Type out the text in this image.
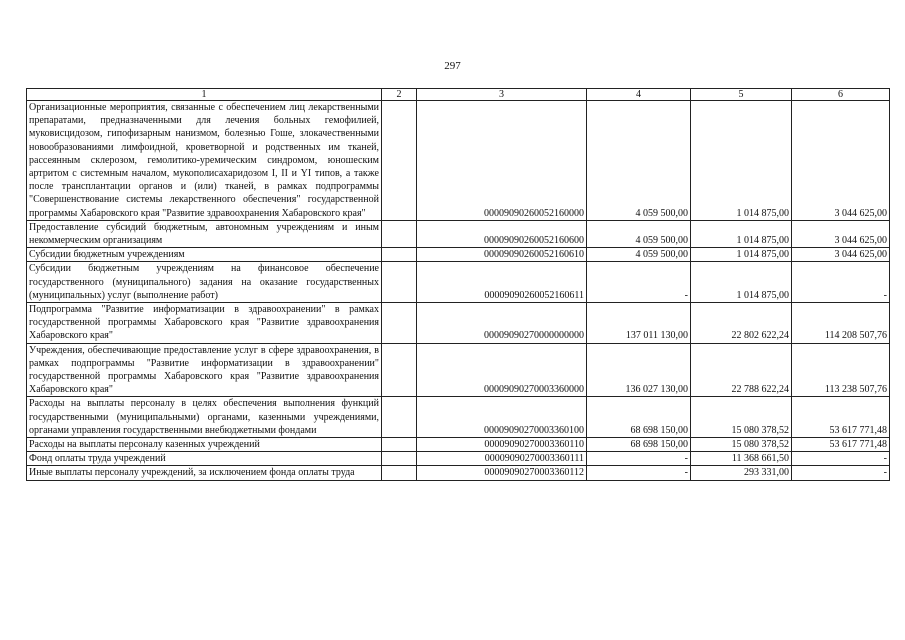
297
1	2	3	4	5	6
Организационные мероприятия, связанные с обеспечением лиц лекарственными препаратами, предназначенными для лечения больных гемофилией, муковисцидозом, гипофизарным нанизмом, болезнью Гоше, злокачественными новообразованиями лимфоидной, кроветворной и родственных им тканей, рассеянным склерозом, гемолитико-уремическим синдромом, юношеским артритом с системным началом, мукополисахаридозом I, II и YI типов, а также после трансплантации органов и (или) тканей, в рамках подпрограммы "Совершенствование системы лекарственного обеспечения" государственной программы Хабаровского края "Развитие здравоохранения Хабаровского края"		00009090260052160000	4 059 500,00	1 014 875,00	3 044 625,00
Предоставление субсидий бюджетным, автономным учреждениям и иным некоммерческим организациям		00009090260052160600	4 059 500,00	1 014 875,00	3 044 625,00
Субсидии бюджетным учреждениям		00009090260052160610	4 059 500,00	1 014 875,00	3 044 625,00
Субсидии бюджетным учреждениям на финансовое обеспечение государственного (муниципального) задания на оказание государственных (муниципальных) услуг (выполнение работ)		00009090260052160611	-	1 014 875,00	-
Подпрограмма "Развитие информатизации в здравоохранении" в рамках государственной программы Хабаровского края "Развитие здравоохранения Хабаровского края"		00009090270000000000	137 011 130,00	22 802 622,24	114 208 507,76
Учреждения, обеспечивающие предоставление услуг в сфере здравоохранения, в рамках подпрограммы "Развитие информатизации в здравоохранении" государственной программы Хабаровского края "Развитие здравоохранения Хабаровского края"		00009090270003360000	136 027 130,00	22 788 622,24	113 238 507,76
Расходы на выплаты персоналу в целях обеспечения выполнения функций государственными (муниципальными) органами, казенными учреждениями, органами управления государственными внебюджетными фондами		00009090270003360100	68 698 150,00	15 080 378,52	53 617 771,48
Расходы на выплаты персоналу казенных учреждений		00009090270003360110	68 698 150,00	15 080 378,52	53 617 771,48
Фонд оплаты труда учреждений		00009090270003360111	-	11 368 661,50	-
Иные выплаты персоналу учреждений, за исключением фонда оплаты труда		00009090270003360112	-	293 331,00	-
